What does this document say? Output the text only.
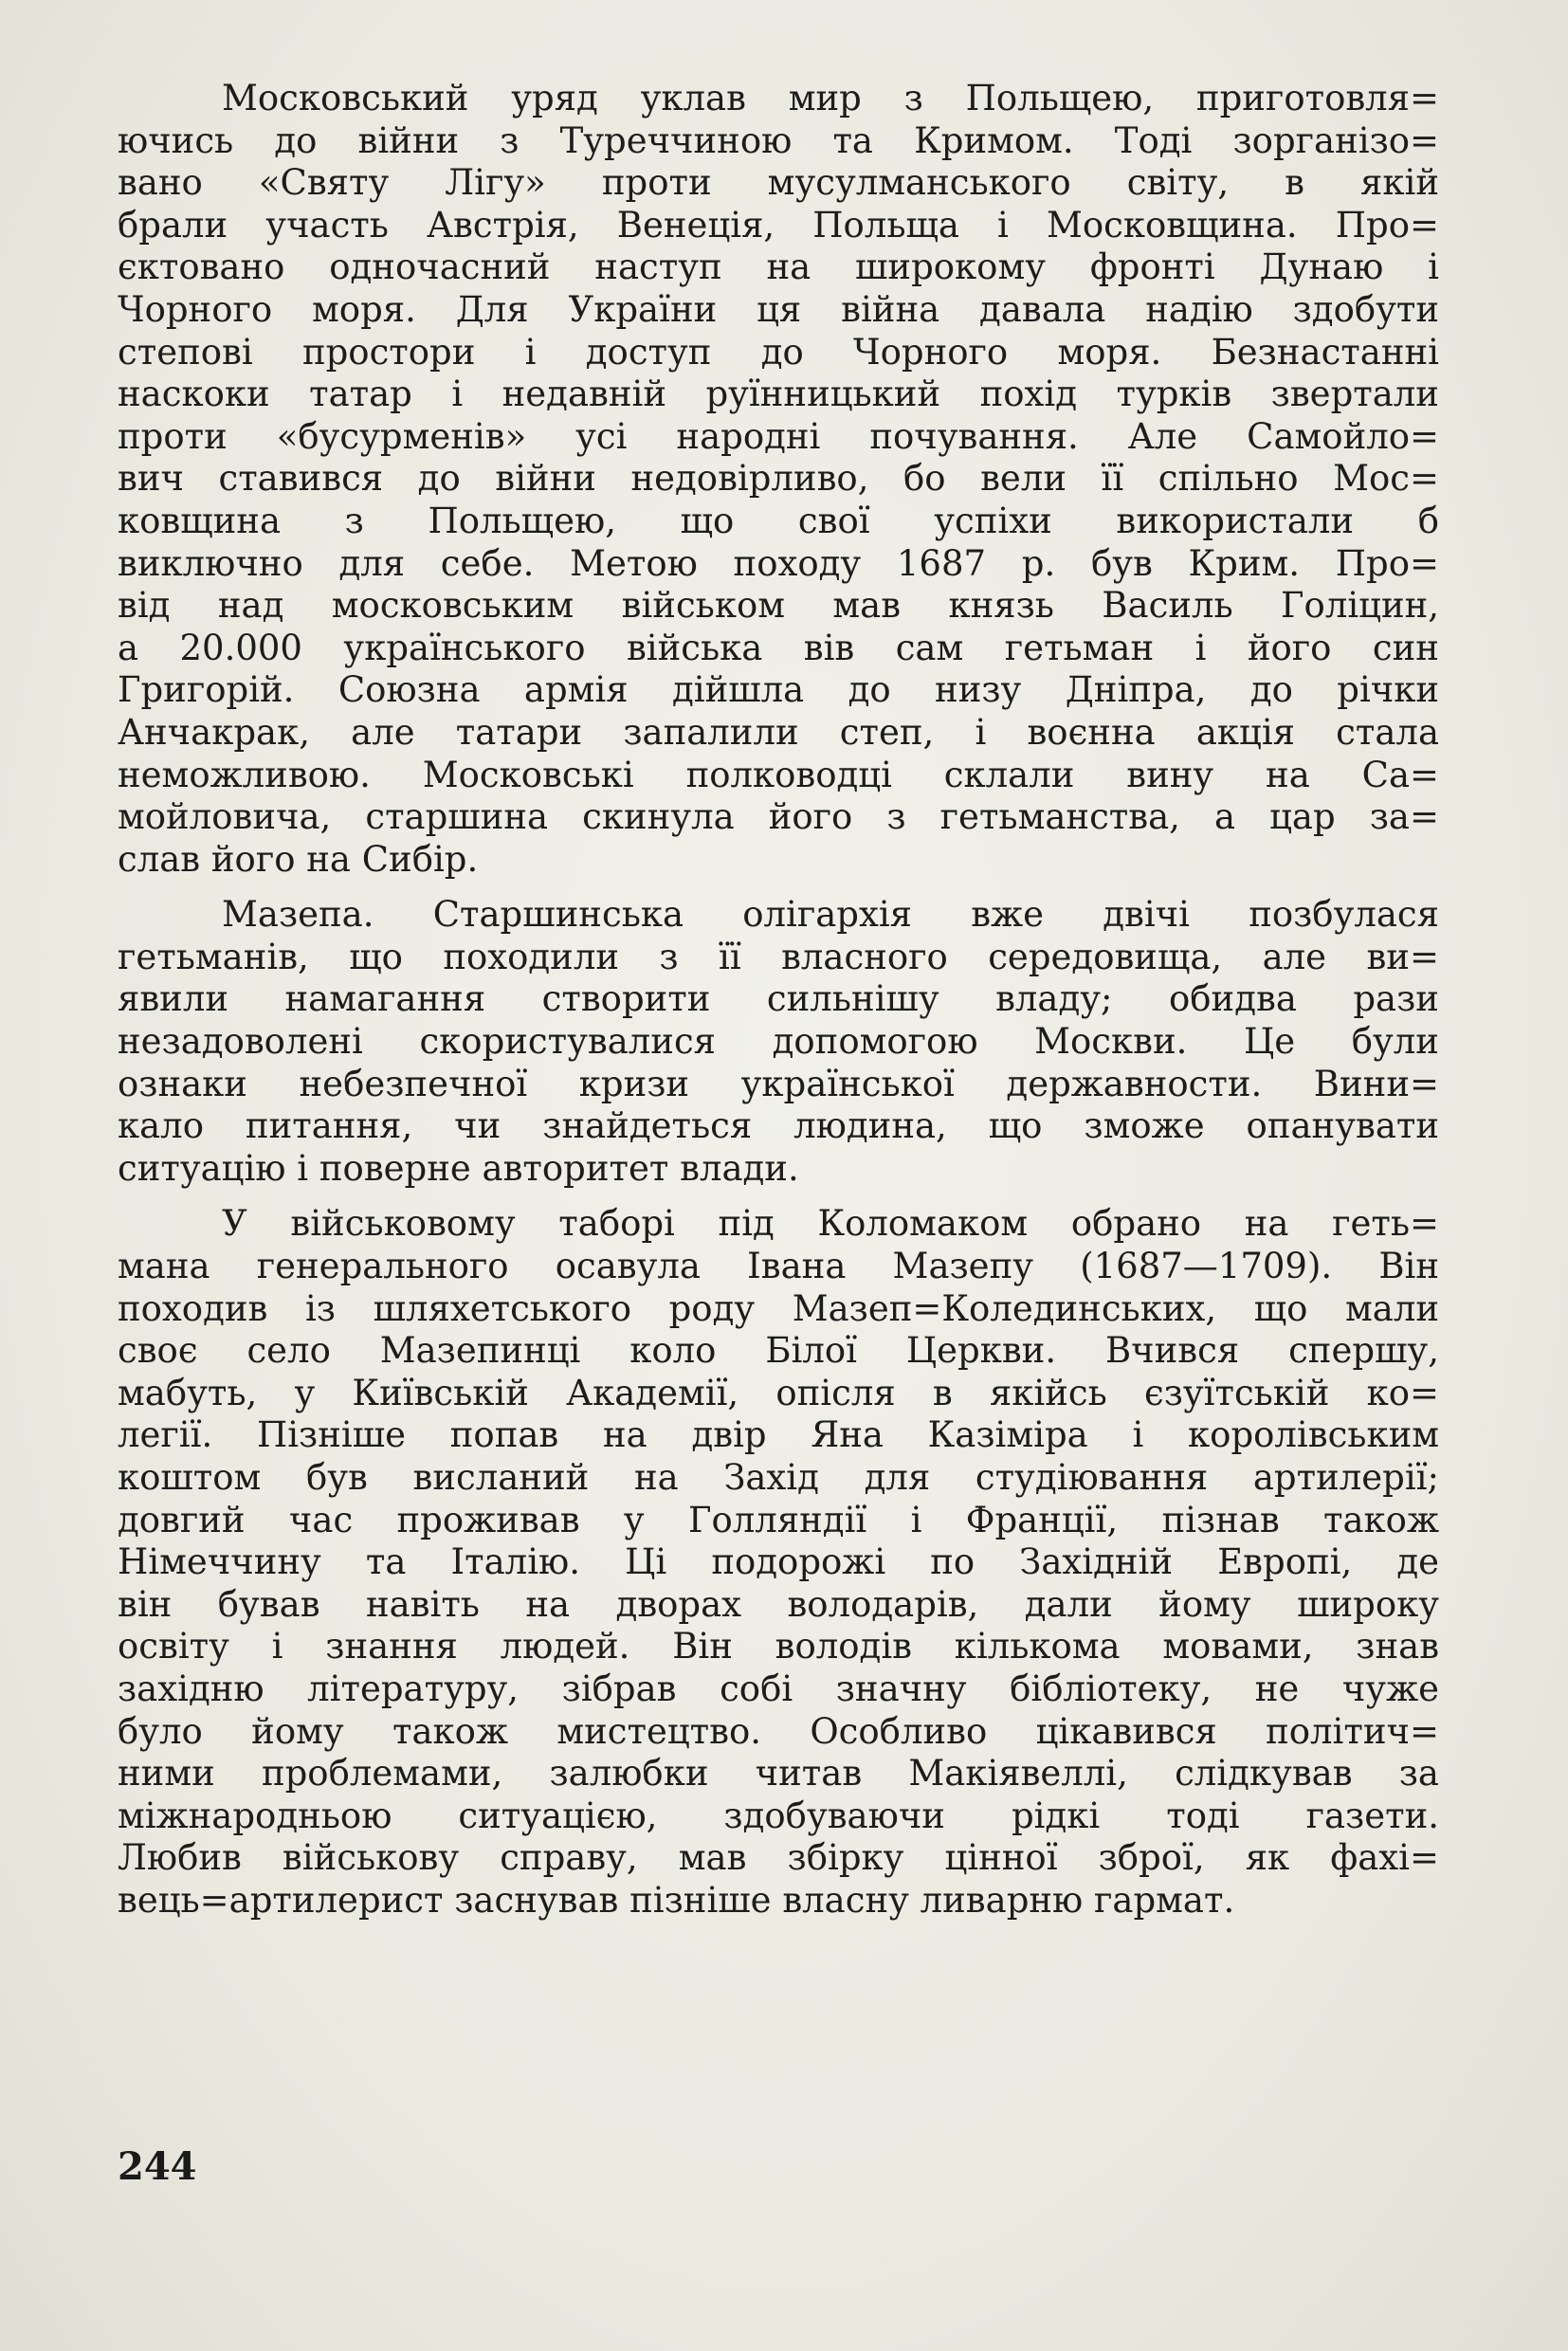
Московський уряд уклав мир з Польщею, приготовля=
ючись до війни з Туреччиною та Кримом. Тоді зорганізо=
вано «Святу Лігу» проти мусулманського світу, в якій
брали участь Австрія, Венеція, Польща і Московщина. Про=
єктовано одночасний наступ на широкому фронті Дунаю і
Чорного моря. Для України ця війна давала надію здобути
степові простори і доступ до Чорного моря. Безнастанні
наскоки татар і недавній руїнницький похід турків звертали
проти «бусурменів» усі народні почування. Але Самойло=
вич ставився до війни недовірливо, бо вели її спільно Мос=
ковщина з Польщею, що свої успіхи використали б
виключно для себе. Метою походу 1687 р. був Крим. Про=
від над московським військом мав князь Василь Голіцин,
а 20.000 українського війська вів сам гетьман і його син
Григорій. Союзна армія дійшла до низу Дніпра, до річки
Анчакрак, але татари запалили степ, і воєнна акція стала
неможливою. Московські полководці склали вину на Са=
мойловича, старшина скинула його з гетьманства, а цар за=
слав його на Сибір.
Мазепа. Старшинська олігархія вже двічі позбулася
гетьманів, що походили з її власного середовища, але ви=
явили намагання створити сильнішу владу; обидва рази
незадоволені скористувалися допомогою Москви. Це були
ознаки небезпечної кризи української державности. Вини=
кало питання, чи знайдеться людина, що зможе опанувати
ситуацію і поверне авторитет влади.
У військовому таборі під Коломаком обрано на геть=
мана генерального осавула Івана Мазепу (1687—1709). Він
походив із шляхетського роду Мазеп=Колединських, що мали
своє село Мазепинці коло Білої Церкви. Вчився спершу,
мабуть, у Київській Академії, опісля в якійсь єзуїтській ко=
легії. Пізніше попав на двір Яна Казіміра і королівським
коштом був висланий на Захід для студіювання артилерії;
довгий час проживав у Голляндії і Франції, пізнав також
Німеччину та Італію. Ці подорожі по Західній Европі, де
він бував навіть на дворах володарів, дали йому широку
освіту і знання людей. Він володів кількома мовами, знав
західню літературу, зібрав собі значну бібліотеку, не чуже
було йому також мистецтво. Особливо цікавився політич=
ними проблемами, залюбки читав Макіявеллі, слідкував за
міжнародньою ситуацією, здобуваючи рідкі тоді газети.
Любив військову справу, мав збірку цінної зброї, як фахі=
вець=артилерист заснував пізніше власну ливарню гармат.
244
